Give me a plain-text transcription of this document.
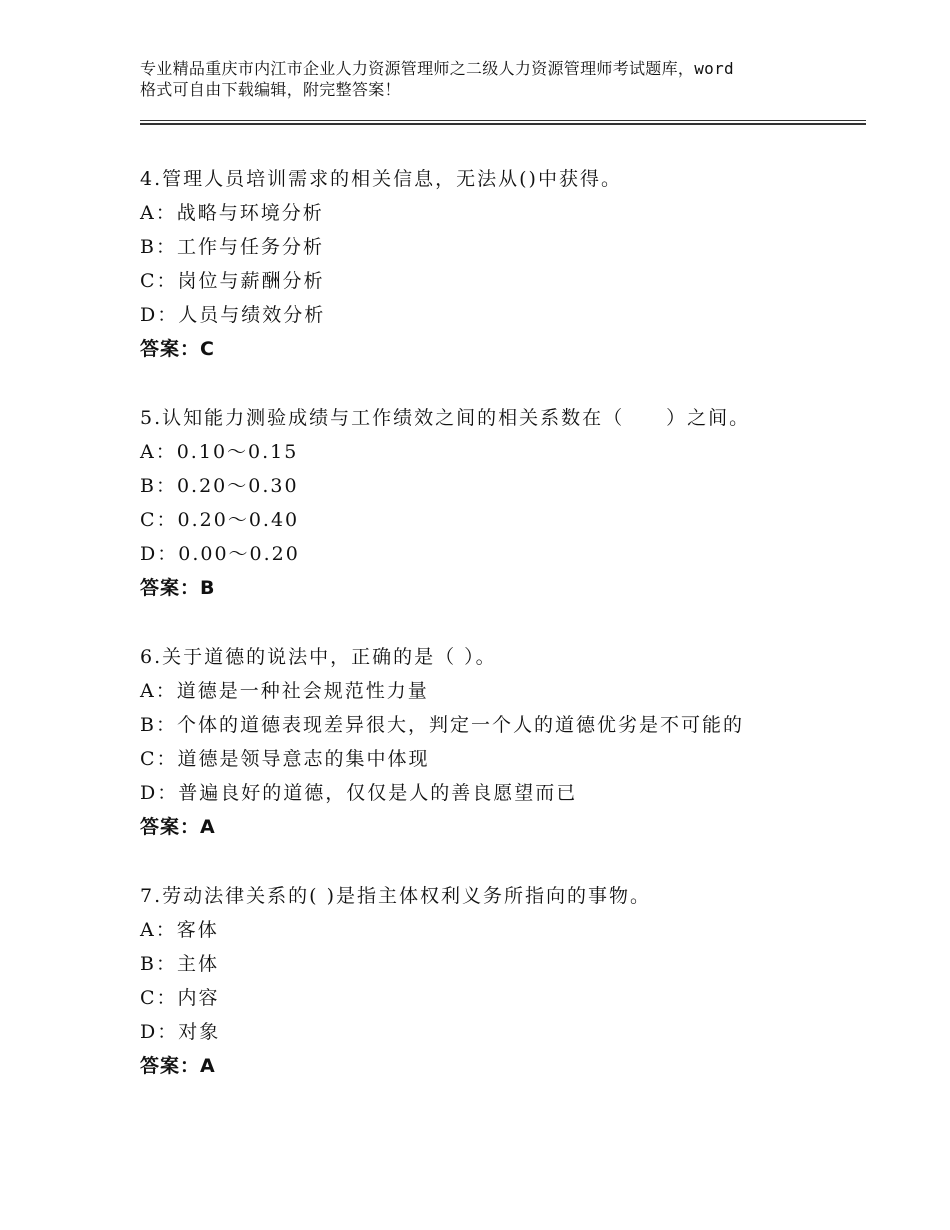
专业精品重庆市内江市企业人力资源管理师之二级人力资源管理师考试题库，word
格式可自由下载编辑，附完整答案！
4.管理人员培训需求的相关信息，无法从()中获得。
A：战略与环境分析
B：工作与任务分析
C：岗位与薪酬分析
D：人员与绩效分析
答案：C
5.认知能力测验成绩与工作绩效之间的相关系数在（　　）之间。
A：0.10～0.15
B：0.20～0.30
C：0.20～0.40
D：0.00～0.20
答案：B
6.关于道德的说法中，正确的是（ ）。
A：道德是一种社会规范性力量
B：个体的道德表现差异很大，判定一个人的道德优劣是不可能的
C：道德是领导意志的集中体现
D：普遍良好的道德，仅仅是人的善良愿望而已
答案：A
7.劳动法律关系的( )是指主体权利义务所指向的事物。
A：客体
B：主体
C：内容
D：对象
答案：A
